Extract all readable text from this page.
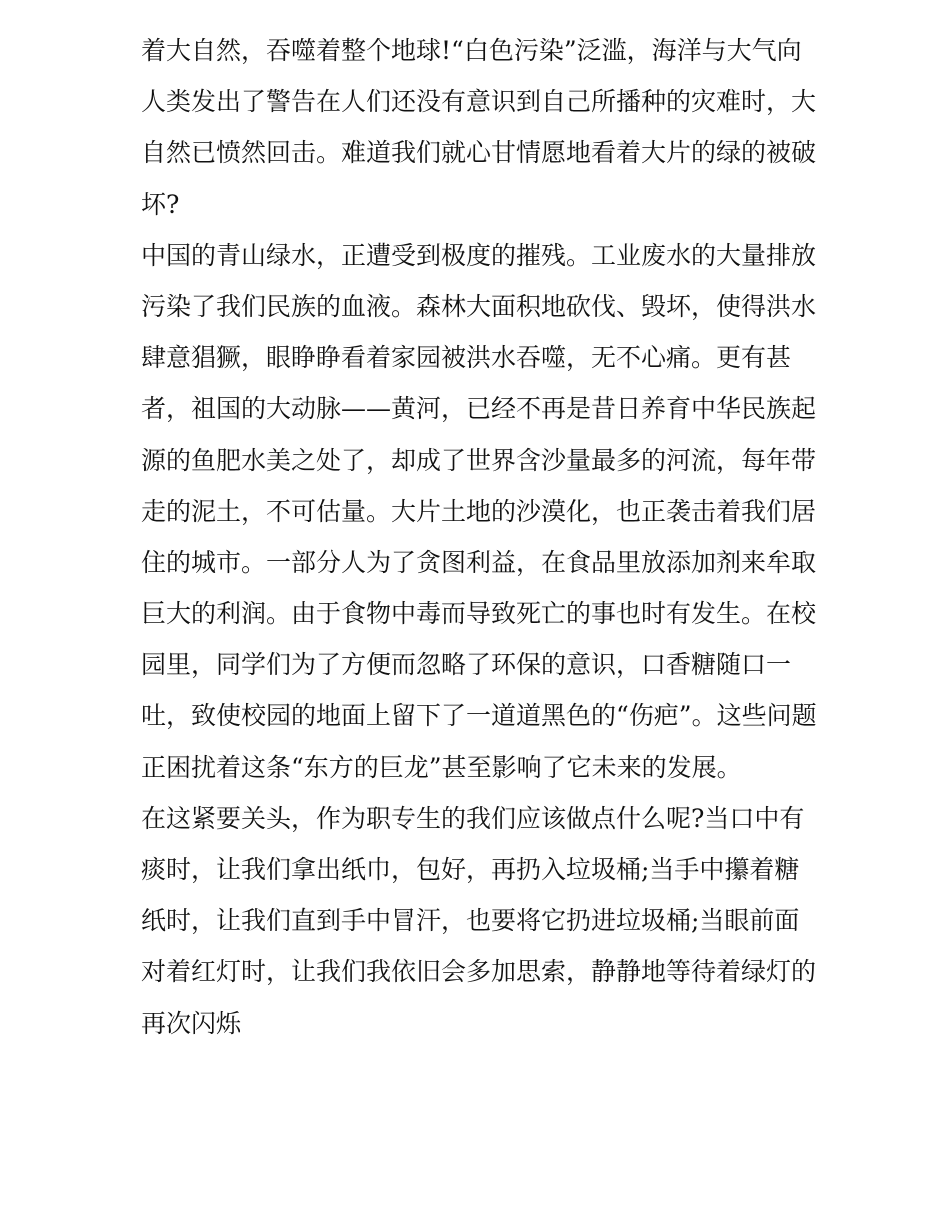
着大自然，吞噬着整个地球!“白色污染”泛滥，海洋与大气向
人类发出了警告在人们还没有意识到自己所播种的灾难时，大
自然已愤然回击。难道我们就心甘情愿地看着大片的绿的被破
坏?
中国的青山绿水，正遭受到极度的摧残。工业废水的大量排放
污染了我们民族的血液。森林大面积地砍伐、毁坏，使得洪水
肆意猖獗，眼睁睁看着家园被洪水吞噬，无不心痛。更有甚
者，祖国的大动脉——黄河，已经不再是昔日养育中华民族起
源的鱼肥水美之处了，却成了世界含沙量最多的河流，每年带
走的泥土，不可估量。大片土地的沙漠化，也正袭击着我们居
住的城市。一部分人为了贪图利益，在食品里放添加剂来牟取
巨大的利润。由于食物中毒而导致死亡的事也时有发生。在校
园里，同学们为了方便而忽略了环保的意识，口香糖随口一
吐，致使校园的地面上留下了一道道黑色的“伤疤”。这些问题
正困扰着这条“东方的巨龙”甚至影响了它未来的发展。
在这紧要关头，作为职专生的我们应该做点什么呢?当口中有
痰时，让我们拿出纸巾，包好，再扔入垃圾桶;当手中攥着糖
纸时，让我们直到手中冒汗，也要将它扔进垃圾桶;当眼前面
对着红灯时，让我们我依旧会多加思索，静静地等待着绿灯的
再次闪烁
